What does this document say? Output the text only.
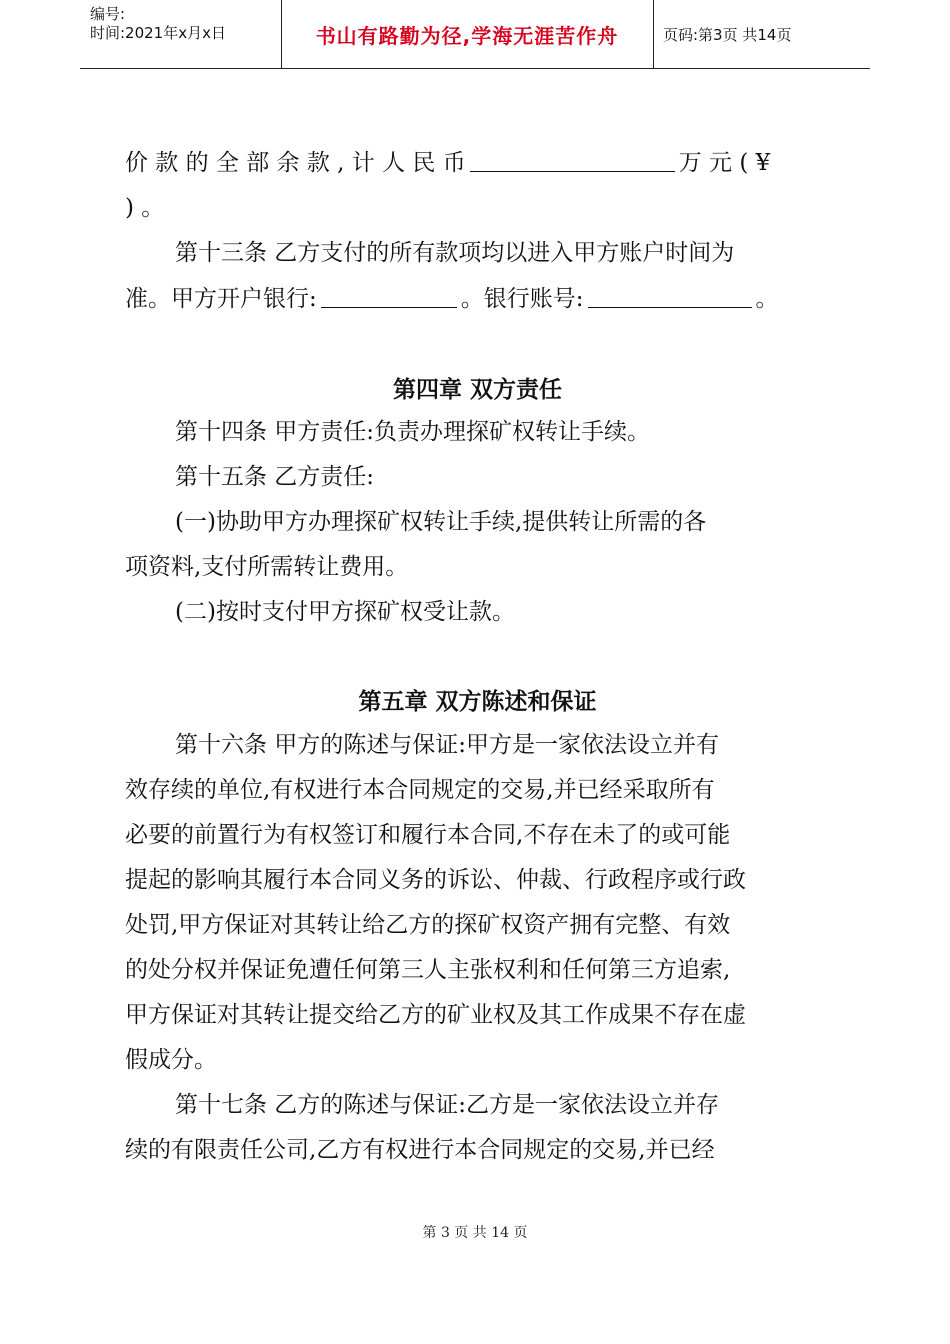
编号:
时间:2021年x月x日	书山有路勤为径,学海无涯苦作舟	页码:第3页 共14页
价 款 的 全 部 余 款 , 计 人 民 币	万 元 ( ¥
) 。
第十三条 乙方支付的所有款项均以进入甲方账户时间为
准。甲方开户银行:	。银行账号:	。
第四章 双方责任
第十四条 甲方责任:负责办理探矿权转让手续。
第十五条 乙方责任:
(一)协助甲方办理探矿权转让手续,提供转让所需的各
项资料,支付所需转让费用。
(二)按时支付甲方探矿权受让款。
第五章 双方陈述和保证
第十六条 甲方的陈述与保证:甲方是一家依法设立并有
效存续的单位,有权进行本合同规定的交易,并已经采取所有
必要的前置行为有权签订和履行本合同,不存在未了的或可能
提起的影响其履行本合同义务的诉讼、仲裁、行政程序或行政
处罚,甲方保证对其转让给乙方的探矿权资产拥有完整、有效
的处分权并保证免遭任何第三人主张权利和任何第三方追索,
甲方保证对其转让提交给乙方的矿业权及其工作成果不存在虚
假成分。
第十七条 乙方的陈述与保证:乙方是一家依法设立并存
续的有限责任公司,乙方有权进行本合同规定的交易,并已经
第 3 页 共 14 页
